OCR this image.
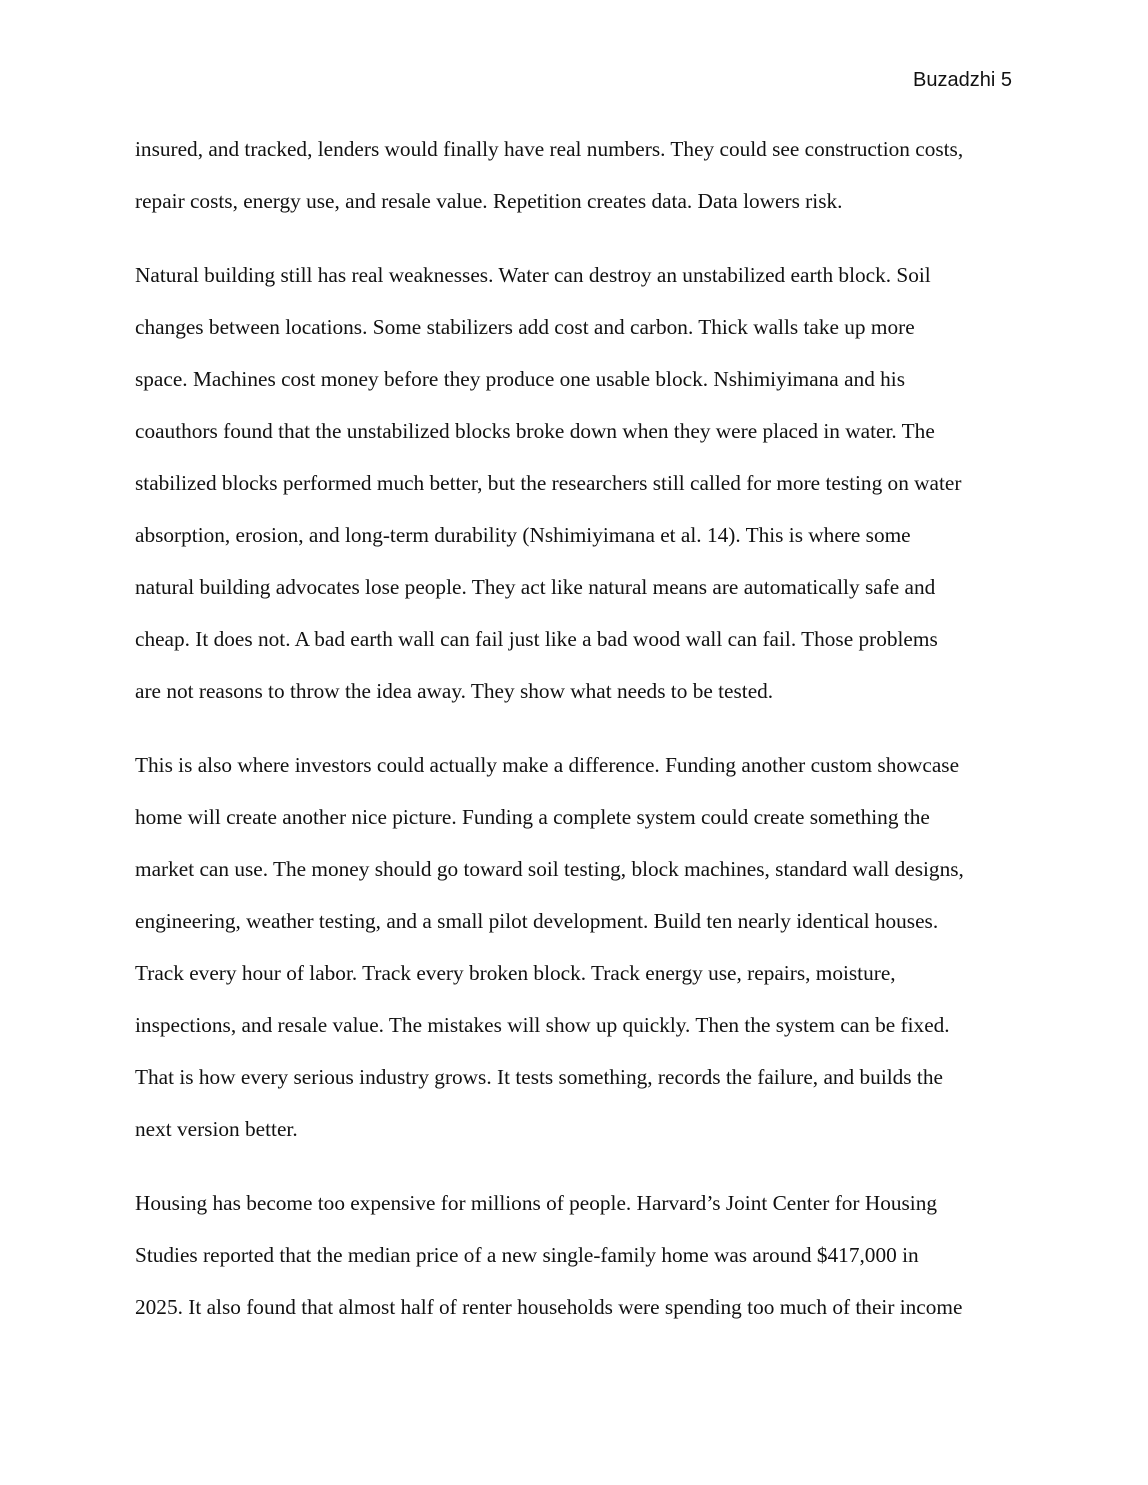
Buzadzhi 5
insured, and tracked, lenders would finally have real numbers. They could see construction costs,
repair costs, energy use, and resale value. Repetition creates data. Data lowers risk.
Natural building still has real weaknesses. Water can destroy an unstabilized earth block. Soil
changes between locations. Some stabilizers add cost and carbon. Thick walls take up more
space. Machines cost money before they produce one usable block. Nshimiyimana and his
coauthors found that the unstabilized blocks broke down when they were placed in water. The
stabilized blocks performed much better, but the researchers still called for more testing on water
absorption, erosion, and long-term durability (Nshimiyimana et al. 14). This is where some
natural building advocates lose people. They act like natural means are automatically safe and
cheap. It does not. A bad earth wall can fail just like a bad wood wall can fail. Those problems
are not reasons to throw the idea away. They show what needs to be tested.
This is also where investors could actually make a difference. Funding another custom showcase
home will create another nice picture. Funding a complete system could create something the
market can use. The money should go toward soil testing, block machines, standard wall designs,
engineering, weather testing, and a small pilot development. Build ten nearly identical houses.
Track every hour of labor. Track every broken block. Track energy use, repairs, moisture,
inspections, and resale value. The mistakes will show up quickly. Then the system can be fixed.
That is how every serious industry grows. It tests something, records the failure, and builds the
next version better.
Housing has become too expensive for millions of people. Harvard’s Joint Center for Housing
Studies reported that the median price of a new single-family home was around $417,000 in
2025. It also found that almost half of renter households were spending too much of their income
